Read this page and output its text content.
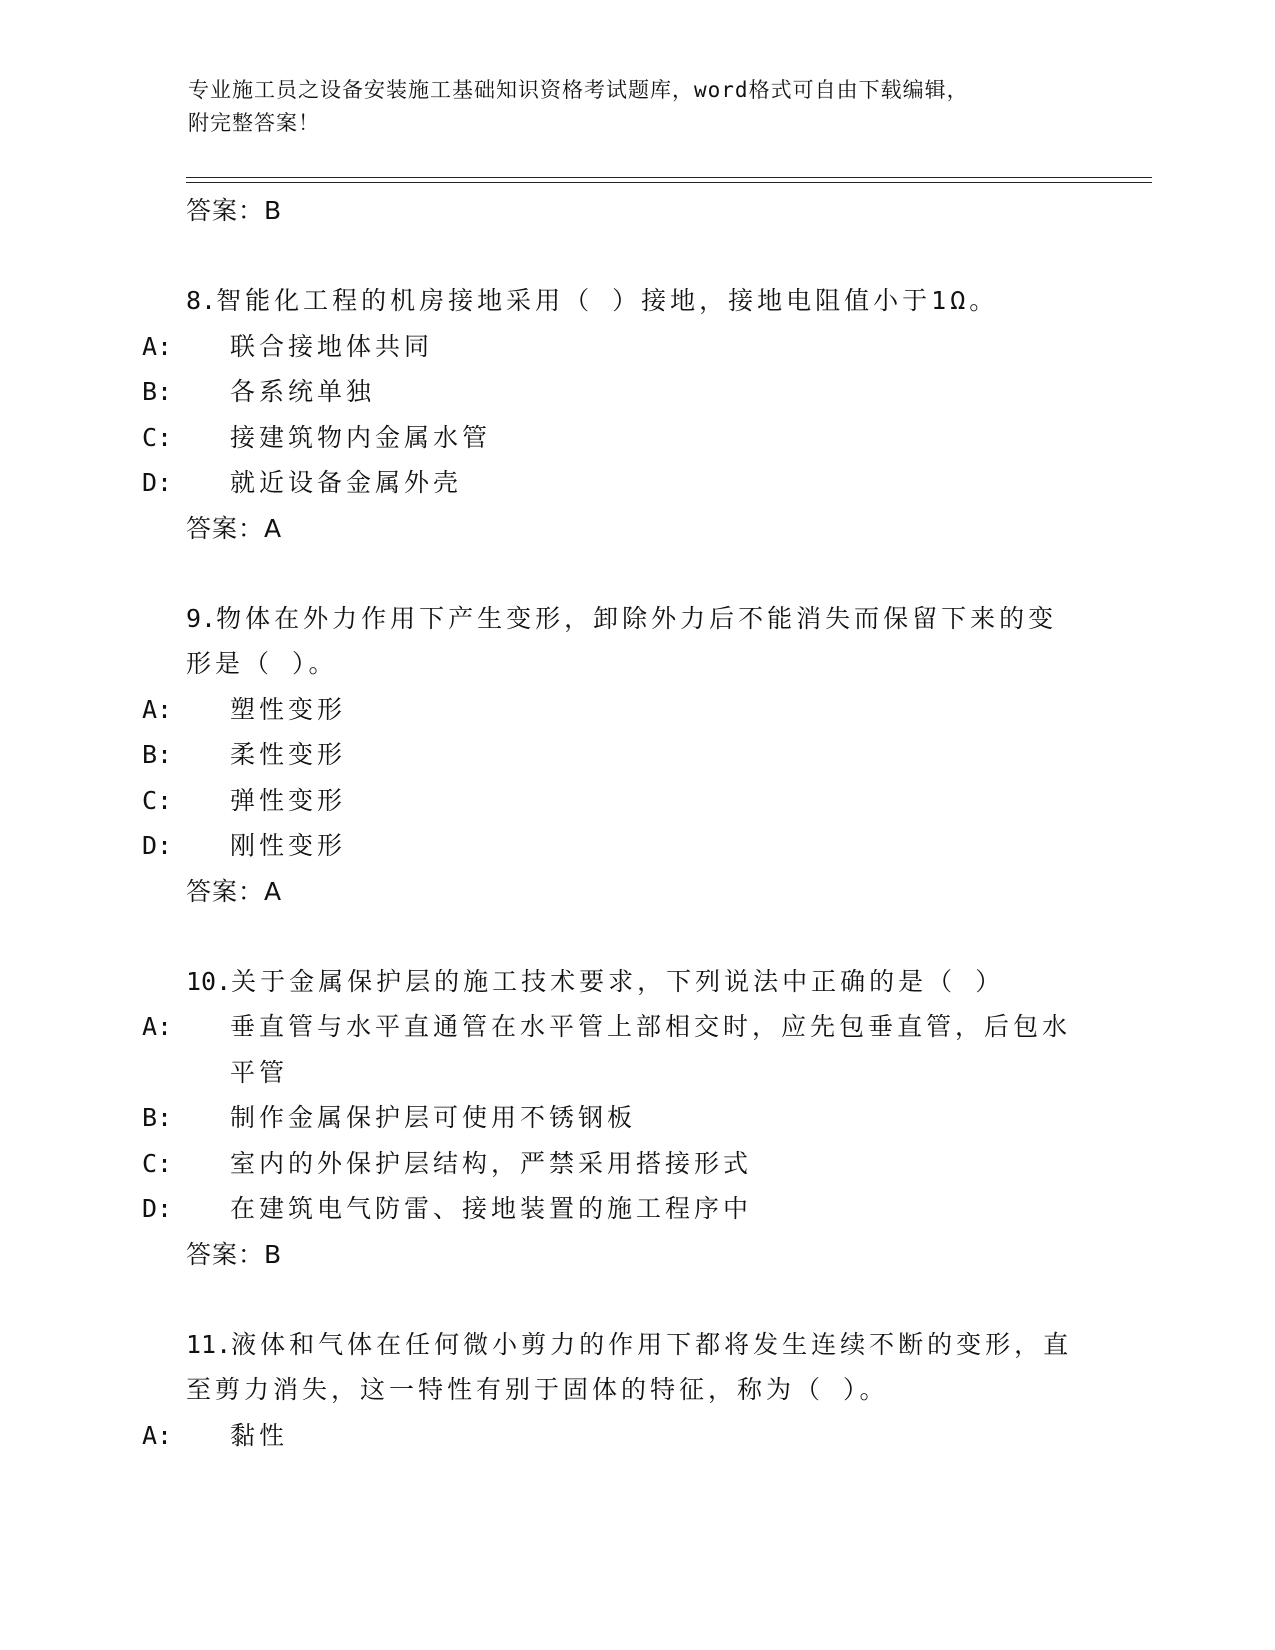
专业施工员之设备安装施工基础知识资格考试题库，word格式可自由下载编辑，
附完整答案！
答案：B
8.智能化工程的机房接地采用（ ）接地，接地电阻值小于1Ω。
A: 联合接地体共同
B: 各系统单独
C: 接建筑物内金属水管
D: 就近设备金属外壳
答案：A
9.物体在外力作用下产生变形，卸除外力后不能消失而保留下来的变形是（ ）。
A: 塑性变形
B: 柔性变形
C: 弹性变形
D: 刚性变形
答案：A
10.关于金属保护层的施工技术要求，下列说法中正确的是（ ）
A: 垂直管与水平直通管在水平管上部相交时，应先包垂直管，后包水平管
B: 制作金属保护层可使用不锈钢板
C: 室内的外保护层结构，严禁采用搭接形式
D: 在建筑电气防雷、接地装置的施工程序中
答案：B
11.液体和气体在任何微小剪力的作用下都将发生连续不断的变形，直至剪力消失，这一特性有别于固体的特征，称为（ ）。
A: 黏性
